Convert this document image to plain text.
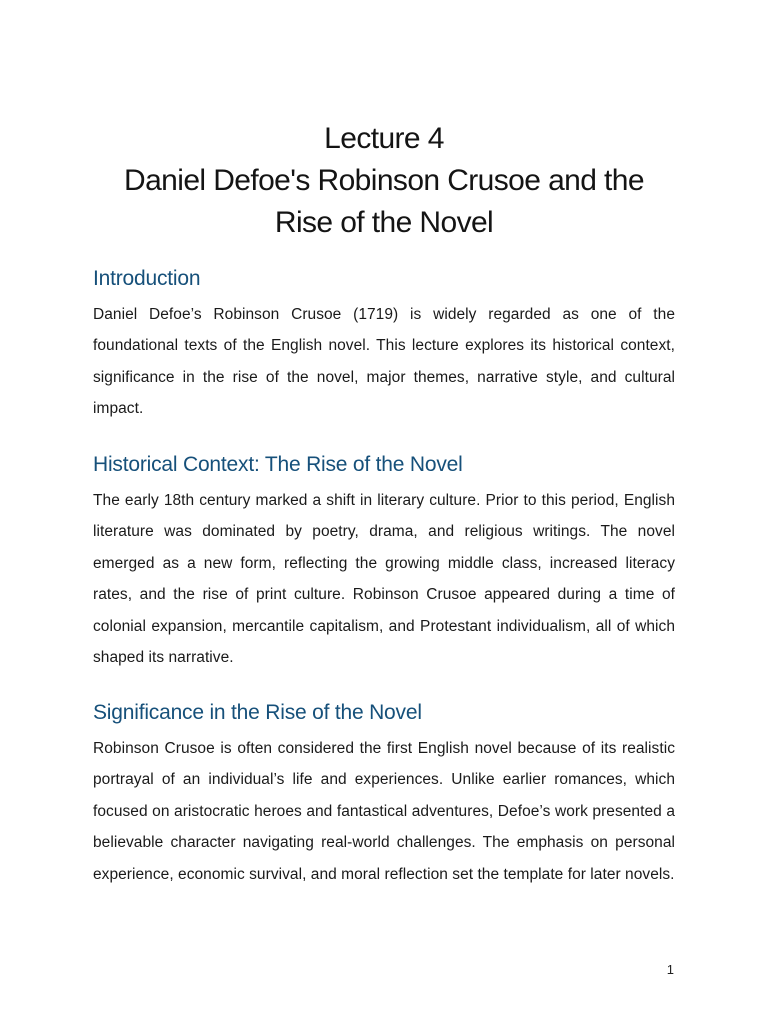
Lecture 4
Daniel Defoe's Robinson Crusoe and the
Rise of the Novel
Introduction

Daniel Defoe’s Robinson Crusoe (1719) is widely regarded as one of the foundational texts of the English novel. This lecture explores its historical context, significance in the rise of the novel, major themes, narrative style, and cultural impact.

Historical Context: The Rise of the Novel

The early 18th century marked a shift in literary culture. Prior to this period, English literature was dominated by poetry, drama, and religious writings. The novel emerged as a new form, reflecting the growing middle class, increased literacy rates, and the rise of print culture. Robinson Crusoe appeared during a time of colonial expansion, mercantile capitalism, and Protestant individualism, all of which shaped its narrative.

Significance in the Rise of the Novel

Robinson Crusoe is often considered the first English novel because of its realistic portrayal of an individual’s life and experiences. Unlike earlier romances, which focused on aristocratic heroes and fantastical adventures, Defoe’s work presented a believable character navigating real-world challenges. The emphasis on personal experience, economic survival, and moral reflection set the template for later novels.

1
